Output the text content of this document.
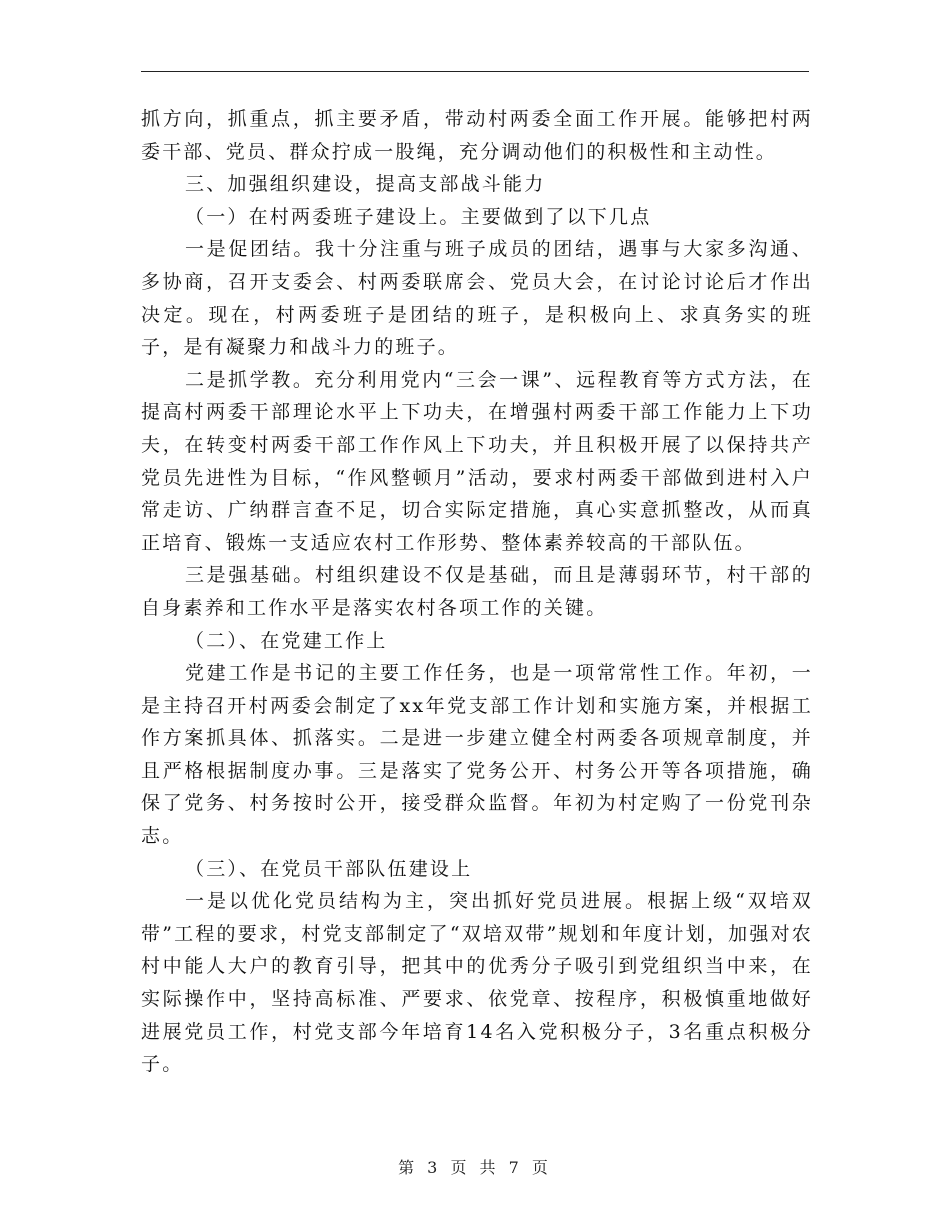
抓方向，抓重点，抓主要矛盾，带动村两委全面工作开展。能够把村两委干部、党员、群众拧成一股绳，充分调动他们的积极性和主动性。

三、加强组织建设，提高支部战斗能力

（一）在村两委班子建设上。主要做到了以下几点

一是促团结。我十分注重与班子成员的团结，遇事与大家多沟通、多协商，召开支委会、村两委联席会、党员大会，在讨论讨论后才作出决定。现在，村两委班子是团结的班子，是积极向上、求真务实的班子，是有凝聚力和战斗力的班子。

二是抓学教。充分利用党内“三会一课”、远程教育等方式方法，在提高村两委干部理论水平上下功夫，在增强村两委干部工作能力上下功夫，在转变村两委干部工作作风上下功夫，并且积极开展了以保持共产党员先进性为目标，“作风整顿月”活动，要求村两委干部做到进村入户常走访、广纳群言查不足，切合实际定措施，真心实意抓整改，从而真正培育、锻炼一支适应农村工作形势、整体素养较高的干部队伍。

三是强基础。村组织建设不仅是基础，而且是薄弱环节，村干部的自身素养和工作水平是落实农村各项工作的关键。

（二）、在党建工作上

党建工作是书记的主要工作任务，也是一项常常性工作。年初，一是主持召开村两委会制定了xx年党支部工作计划和实施方案，并根据工作方案抓具体、抓落实。二是进一步建立健全村两委各项规章制度，并且严格根据制度办事。三是落实了党务公开、村务公开等各项措施，确保了党务、村务按时公开，接受群众监督。年初为村定购了一份党刊杂志。

（三）、在党员干部队伍建设上

一是以优化党员结构为主，突出抓好党员进展。根据上级“双培双带”工程的要求，村党支部制定了“双培双带”规划和年度计划，加强对农村中能人大户的教育引导，把其中的优秀分子吸引到党组织当中来，在实际操作中，坚持高标准、严要求、依党章、按程序，积极慎重地做好进展党员工作，村党支部今年培育14名入党积极分子，3名重点积极分子。

第 3 页 共 7 页
